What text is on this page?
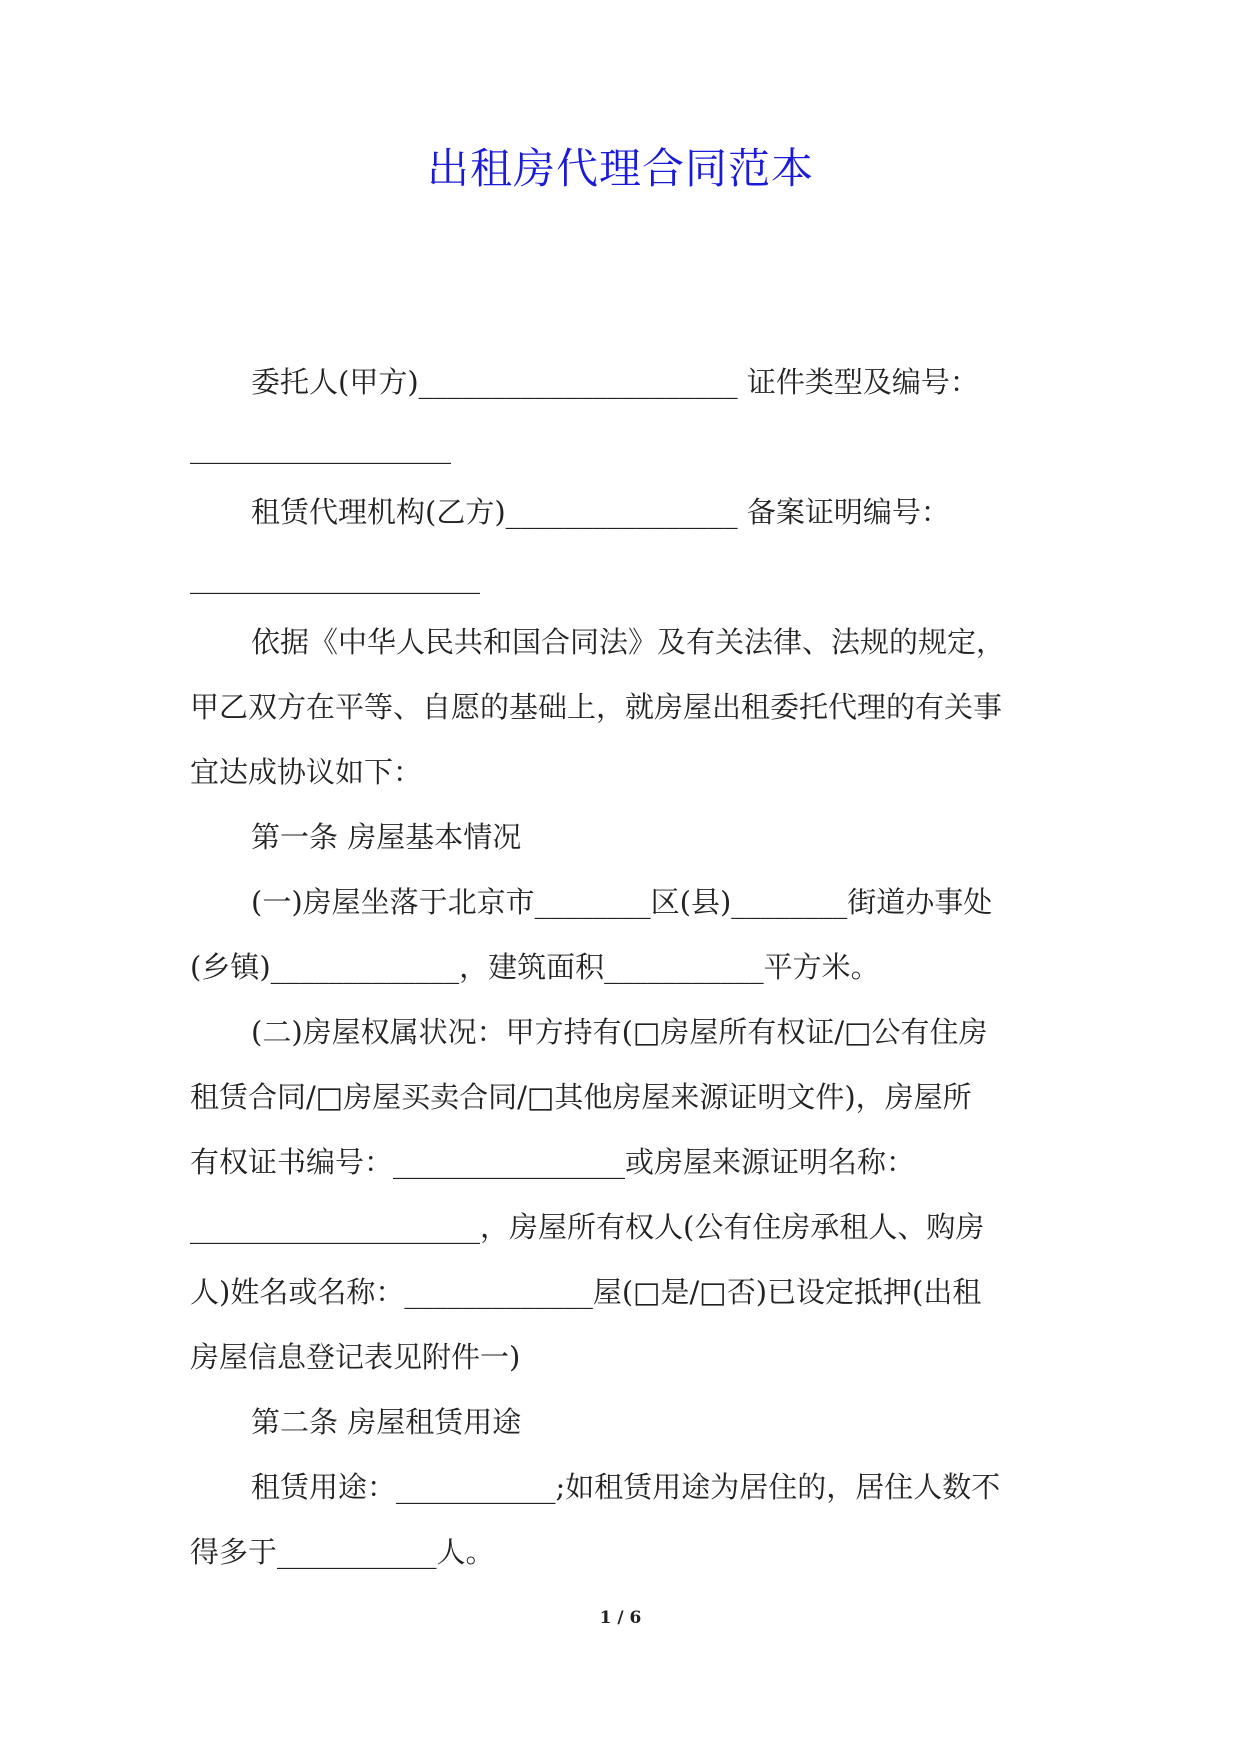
出租房代理合同范本

委托人(甲方)______________________ 证件类型及编号：

__________________

租赁代理机构(乙方)________________ 备案证明编号：

____________________

依据《中华人民共和国合同法》及有关法律、法规的规定，

甲乙双方在平等、自愿的基础上，就房屋出租委托代理的有关事

宜达成协议如下：

第一条 房屋基本情况

(一)房屋坐落于北京市________区(县)________街道办事处

(乡镇)_____________，建筑面积___________平方米。

(二)房屋权属状况：甲方持有(□房屋所有权证/□公有住房

租赁合同/□房屋买卖合同/□其他房屋来源证明文件)，房屋所

有权证书编号：________________或房屋来源证明名称：

____________________，房屋所有权人(公有住房承租人、购房

人)姓名或名称：_____________屋(□是/□否)已设定抵押(出租

房屋信息登记表见附件一)

第二条 房屋租赁用途

租赁用途：___________;如租赁用途为居住的，居住人数不

得多于___________人。

1 / 6
